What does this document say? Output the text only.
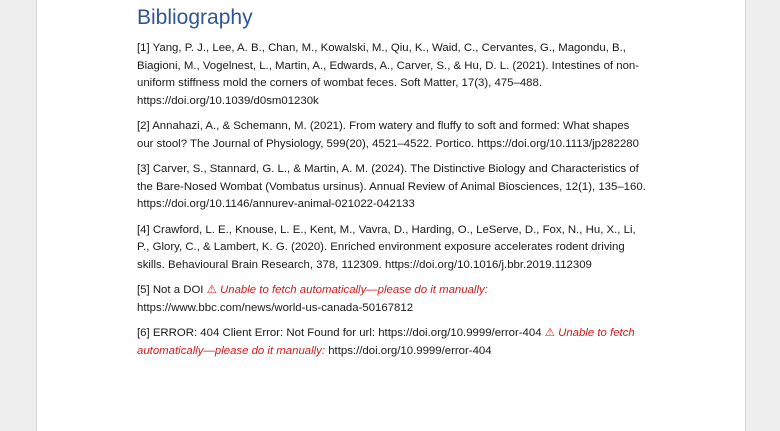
Bibliography
[1] Yang, P. J., Lee, A. B., Chan, M., Kowalski, M., Qiu, K., Waid, C., Cervantes, G., Magondu, B., Biagioni, M., Vogelnest, L., Martin, A., Edwards, A., Carver, S., & Hu, D. L. (2021). Intestines of non-uniform stiffness mold the corners of wombat feces. Soft Matter, 17(3), 475–488. https://doi.org/10.1039/d0sm01230k
[2] Annahazi, A., & Schemann, M. (2021). From watery and fluffy to soft and formed: What shapes our stool? The Journal of Physiology, 599(20), 4521–4522. Portico. https://doi.org/10.1113/jp282280
[3] Carver, S., Stannard, G. L., & Martin, A. M. (2024). The Distinctive Biology and Characteristics of the Bare-Nosed Wombat (Vombatus ursinus). Annual Review of Animal Biosciences, 12(1), 135–160. https://doi.org/10.1146/annurev-animal-021022-042133
[4] Crawford, L. E., Knouse, L. E., Kent, M., Vavra, D., Harding, O., LeServe, D., Fox, N., Hu, X., Li, P., Glory, C., & Lambert, K. G. (2020). Enriched environment exposure accelerates rodent driving skills. Behavioural Brain Research, 378, 112309. https://doi.org/10.1016/j.bbr.2019.112309
[5] Not a DOI ⚠ Unable to fetch automatically—please do it manually:
https://www.bbc.com/news/world-us-canada-50167812
[6] ERROR: 404 Client Error: Not Found for url: https://doi.org/10.9999/error-404 ⚠ Unable to fetch automatically—please do it manually: https://doi.org/10.9999/error-404
